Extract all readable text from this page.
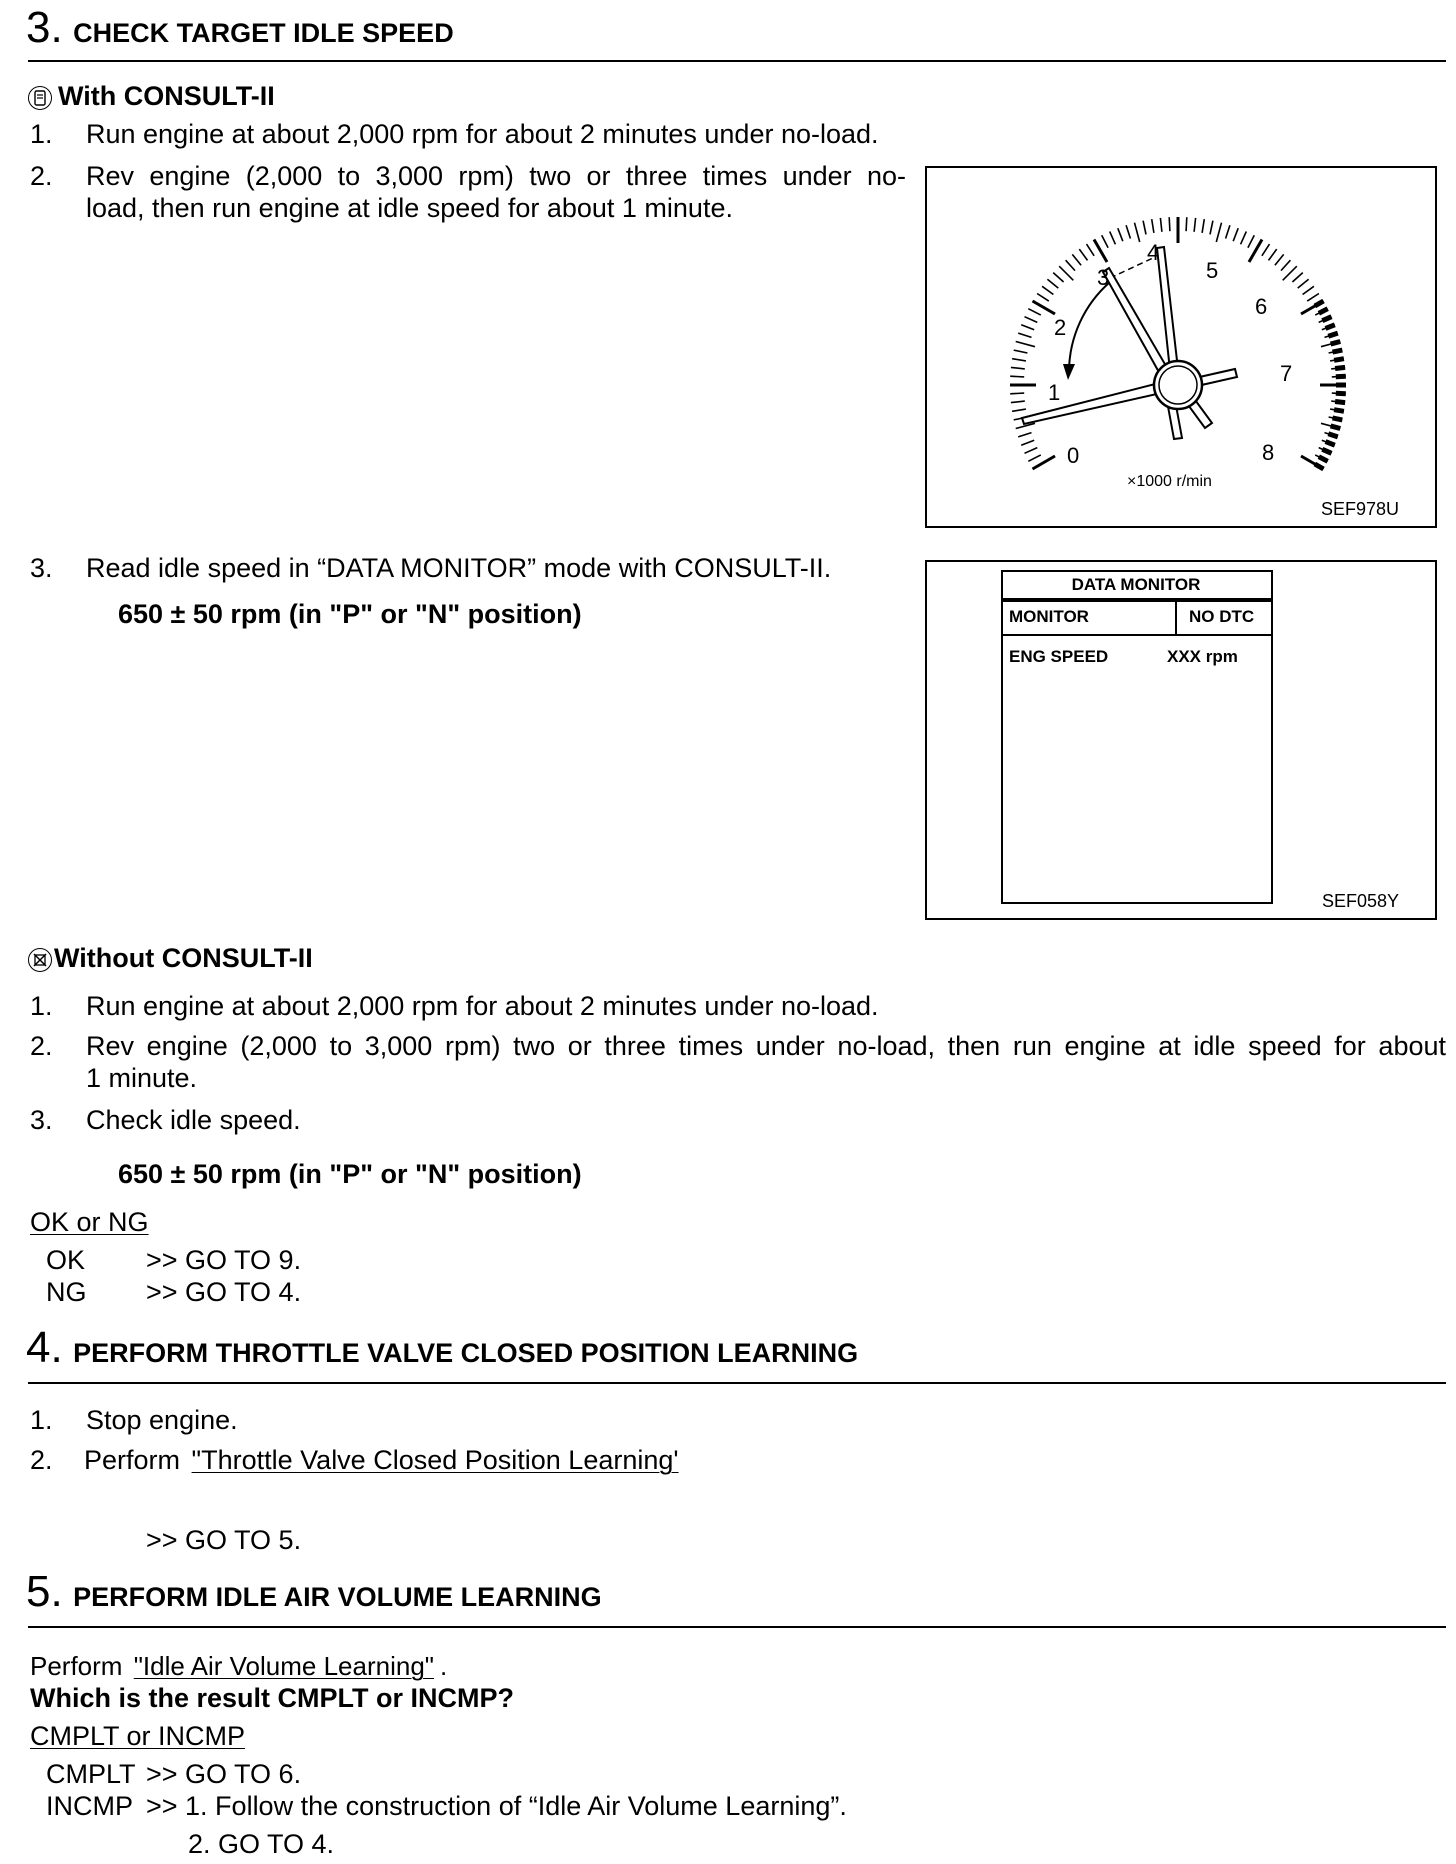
3. CHECK TARGET IDLE SPEED
With CONSULT-II
1. Run engine at about 2,000 rpm for about 2 minutes under no-load.
2. Rev engine (2,000 to 3,000 rpm) two or three times under no-
load, then run engine at idle speed for about 1 minute.
0
1
2
3
4
5
6
7
8
×1000 r/min
SEF978U
3. Read idle speed in “DATA MONITOR” mode with CONSULT-II.
650 ± 50 rpm (in "P" or "N" position)
DATA MONITOR
MONITOR	NO DTC
ENG SPEED	XXX rpm
SEF058Y
Without CONSULT-II
1. Run engine at about 2,000 rpm for about 2 minutes under no-load.
2. Rev engine (2,000 to 3,000 rpm) two or three times under no-load, then run engine at idle speed for about
1 minute.
3. Check idle speed.
650 ± 50 rpm (in "P" or "N" position)
OK or NG
OK >> GO TO 9.
NG >> GO TO 4.
4. PERFORM THROTTLE VALVE CLOSED POSITION LEARNING
1. Stop engine.
2. Perform "Throttle Valve Closed Position Learning'
>> GO TO 5.
5. PERFORM IDLE AIR VOLUME LEARNING
Perform "Idle Air Volume Learning" .
Which is the result CMPLT or INCMP?
CMPLT or INCMP
CMPLT >> GO TO 6.
INCMP >> 1. Follow the construction of “Idle Air Volume Learning”.
2. GO TO 4.
